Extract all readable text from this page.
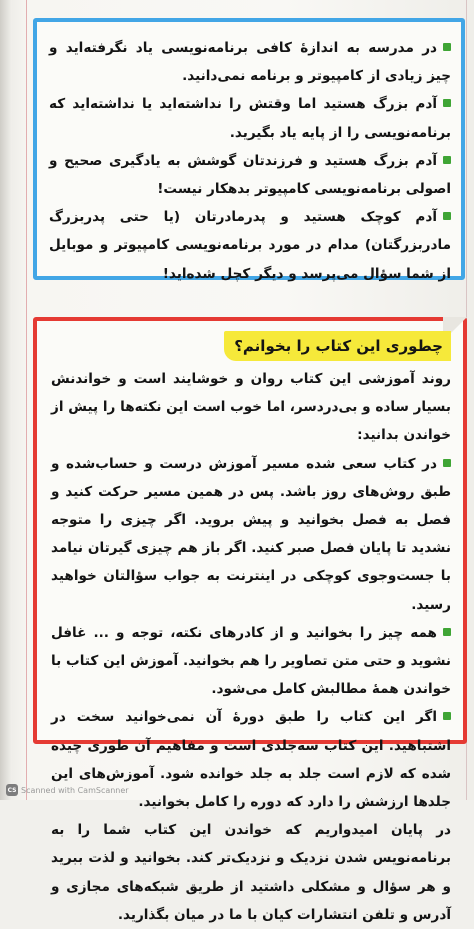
در مدرسه به اندازهٔ کافی برنامه‌نویسی یاد نگرفته‌اید و چیز زیادی از کامپیوتر و برنامه نمی‌دانید.

آدم بزرگ هستید اما وقتش را نداشته‌اید یا نداشته‌اید که برنامه‌نویسی را از پایه یاد بگیرید.

آدم بزرگ هستید و فرزندتان گوشش به یادگیری صحیح و اصولی برنامه‌نویسی کامپیوتر بدهکار نیست!

آدم کوچک هستید و پدرمادرتان (یا حتی پدربزرگ مادربزرگتان) مدام در مورد برنامه‌نویسی کامپیوتر و موبایل از شما سؤال می‌پرسد و دیگر کچل شده‌اید!

چطوری این کتاب را بخوانم؟

روند آموزشی این کتاب روان و خوشایند است و خواندنش بسیار ساده و بی‌دردسر، اما خوب است این نکته‌ها را پیش از خواندن بدانید:

در کتاب سعی شده مسیر آموزش درست و حساب‌شده و طبق روش‌های روز باشد. پس در همین مسیر حرکت کنید و فصل به فصل بخوانید و پیش بروید. اگر چیزی را متوجه نشدید تا پایان فصل صبر کنید. اگر باز هم چیزی گیرتان نیامد با جست‌وجوی کوچکی در اینترنت به جواب سؤالتان خواهید رسید.

همه چیز را بخوانید و از کادرهای نکته، توجه و ... غافل نشوید و حتی متن تصاویر را هم بخوانید. آموزش این کتاب با خواندن همهٔ مطالبش کامل می‌شود.

اگر این کتاب را طبق دورهٔ آن نمی‌خوانید سخت در اشتباهید. این کتاب سه‌جلدی است و مفاهیم آن طوری چیده شده که لازم است جلد به جلد خوانده شود. آموزش‌های این جلدها ارزشش را دارد که دوره را کامل بخوانید.

در پایان امیدواریم که خواندن این کتاب شما را به برنامه‌نویس شدن نزدیک و نزدیک‌تر کند. بخوانید و لذت ببرید و هر سؤال و مشکلی داشتید از طریق شبکه‌های مجازی و آدرس و تلفن انتشارات کیان با ما در میان بگذارید.

CS Scanned with CamScanner
